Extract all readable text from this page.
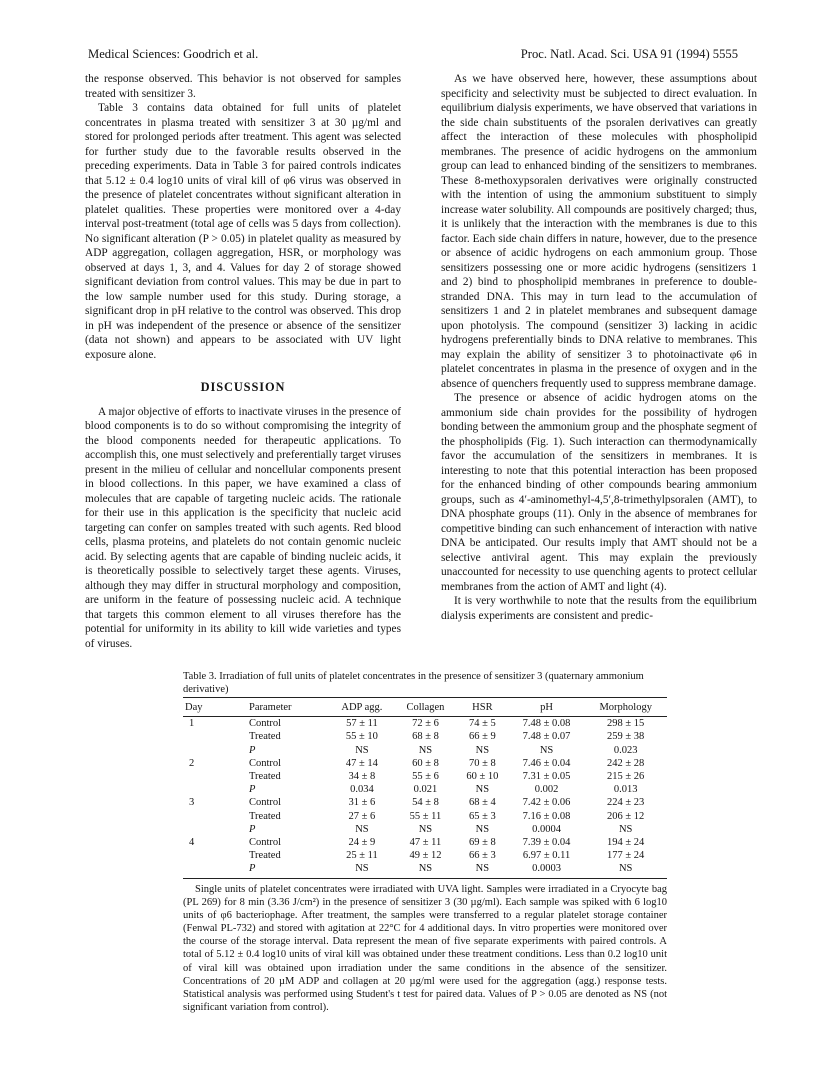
Medical Sciences: Goodrich et al.	Proc. Natl. Acad. Sci. USA 91 (1994) 5555

the response observed. This behavior is not observed for samples treated with sensitizer 3.

Table 3 contains data obtained for full units of platelet concentrates in plasma treated with sensitizer 3 at 30 µg/ml and stored for prolonged periods after treatment. This agent was selected for further study due to the favorable results observed in the preceding experiments. Data in Table 3 for paired controls indicates that 5.12 ± 0.4 log10 units of viral kill of φ6 virus was observed in the presence of platelet concentrates without significant alteration in platelet qualities. These properties were monitored over a 4-day interval post-treatment (total age of cells was 5 days from collection). No significant alteration (P > 0.05) in platelet quality as measured by ADP aggregation, collagen aggregation, HSR, or morphology was observed at days 1, 3, and 4. Values for day 2 of storage showed significant deviation from control values. This may be due in part to the low sample number used for this study. During storage, a significant drop in pH relative to the control was observed. This drop in pH was independent of the presence or absence of the sensitizer (data not shown) and appears to be associated with UV light exposure alone.

DISCUSSION

A major objective of efforts to inactivate viruses in the presence of blood components is to do so without compromising the integrity of the blood components needed for therapeutic applications. To accomplish this, one must selectively and preferentially target viruses present in the milieu of cellular and noncellular components present in blood collections. In this paper, we have examined a class of molecules that are capable of targeting nucleic acids. The rationale for their use in this application is the specificity that nucleic acid targeting can confer on samples treated with such agents. Red blood cells, plasma proteins, and platelets do not contain genomic nucleic acid. By selecting agents that are capable of binding nucleic acids, it is theoretically possible to selectively target these agents. Viruses, although they may differ in structural morphology and composition, are uniform in the feature of possessing nucleic acid. A technique that targets this common element to all viruses therefore has the potential for uniformity in its ability to kill wide varieties and types of viruses.

As we have observed here, however, these assumptions about specificity and selectivity must be subjected to direct evaluation. In equilibrium dialysis experiments, we have observed that variations in the side chain substituents of the psoralen derivatives can greatly affect the interaction of these molecules with phospholipid membranes. The presence of acidic hydrogens on the ammonium group can lead to enhanced binding of the sensitizers to membranes. These 8-methoxypsoralen derivatives were originally constructed with the intention of using the ammonium substituent to simply increase water solubility. All compounds are positively charged; thus, it is unlikely that the interaction with the membranes is due to this factor. Each side chain differs in nature, however, due to the presence or absence of acidic hydrogens on each ammonium group. Those sensitizers possessing one or more acidic hydrogens (sensitizers 1 and 2) bind to phospholipid membranes in preference to double-stranded DNA. This may in turn lead to the accumulation of sensitizers 1 and 2 in platelet membranes and subsequent damage upon photolysis. The compound (sensitizer 3) lacking in acidic hydrogens preferentially binds to DNA relative to membranes. This may explain the ability of sensitizer 3 to photoinactivate φ6 in platelet concentrates in plasma in the presence of oxygen and in the absence of quenchers frequently used to suppress membrane damage.

The presence or absence of acidic hydrogen atoms on the ammonium side chain provides for the possibility of hydrogen bonding between the ammonium group and the phosphate segment of the phospholipids (Fig. 1). Such interaction can thermodynamically favor the accumulation of the sensitizers in membranes. It is interesting to note that this potential interaction has been proposed for the enhanced binding of other compounds bearing ammonium groups, such as 4′-aminomethyl-4,5′,8-trimethylpsoralen (AMT), to DNA phosphate groups (11). Only in the absence of membranes for competitive binding can such enhancement of interaction with native DNA be anticipated. Our results imply that AMT should not be a selective antiviral agent. This may explain the previously unaccounted for necessity to use quenching agents to protect cellular membranes from the action of AMT and light (4).

It is very worthwhile to note that the results from the equilibrium dialysis experiments are consistent and predic-

Table 3. Irradiation of full units of platelet concentrates in the presence of sensitizer 3 (quaternary ammonium derivative)
Day	Parameter	ADP agg.	Collagen	HSR	pH	Morphology
1	Control	57 ± 11	72 ± 6	74 ± 5	7.48 ± 0.08	298 ± 15
	Treated	55 ± 10	68 ± 8	66 ± 9	7.48 ± 0.07	259 ± 38
	P	NS	NS	NS	NS	0.023
2	Control	47 ± 14	60 ± 8	70 ± 8	7.46 ± 0.04	242 ± 28
	Treated	34 ± 8	55 ± 6	60 ± 10	7.31 ± 0.05	215 ± 26
	P	0.034	0.021	NS	0.002	0.013
3	Control	31 ± 6	54 ± 8	68 ± 4	7.42 ± 0.06	224 ± 23
	Treated	27 ± 6	55 ± 11	65 ± 3	7.16 ± 0.08	206 ± 12
	P	NS	NS	NS	0.0004	NS
4	Control	24 ± 9	47 ± 11	69 ± 8	7.39 ± 0.04	194 ± 24
	Treated	25 ± 11	49 ± 12	66 ± 3	6.97 ± 0.11	177 ± 24
	P	NS	NS	NS	0.0003	NS

Single units of platelet concentrates were irradiated with UVA light. Samples were irradiated in a Cryocyte bag (PL 269) for 8 min (3.36 J/cm²) in the presence of sensitizer 3 (30 µg/ml). Each sample was spiked with 6 log10 units of φ6 bacteriophage. After treatment, the samples were transferred to a regular platelet storage container (Fenwal PL-732) and stored with agitation at 22°C for 4 additional days. In vitro properties were monitored over the course of the storage interval. Data represent the mean of five separate experiments with paired controls. A total of 5.12 ± 0.4 log10 units of viral kill was obtained under these treatment conditions. Less than 0.2 log10 unit of viral kill was obtained upon irradiation under the same conditions in the absence of the sensitizer. Concentrations of 20 µM ADP and collagen at 20 µg/ml were used for the aggregation (agg.) response tests. Statistical analysis was performed using Student's t test for paired data. Values of P > 0.05 are denoted as NS (not significant variation from control).
